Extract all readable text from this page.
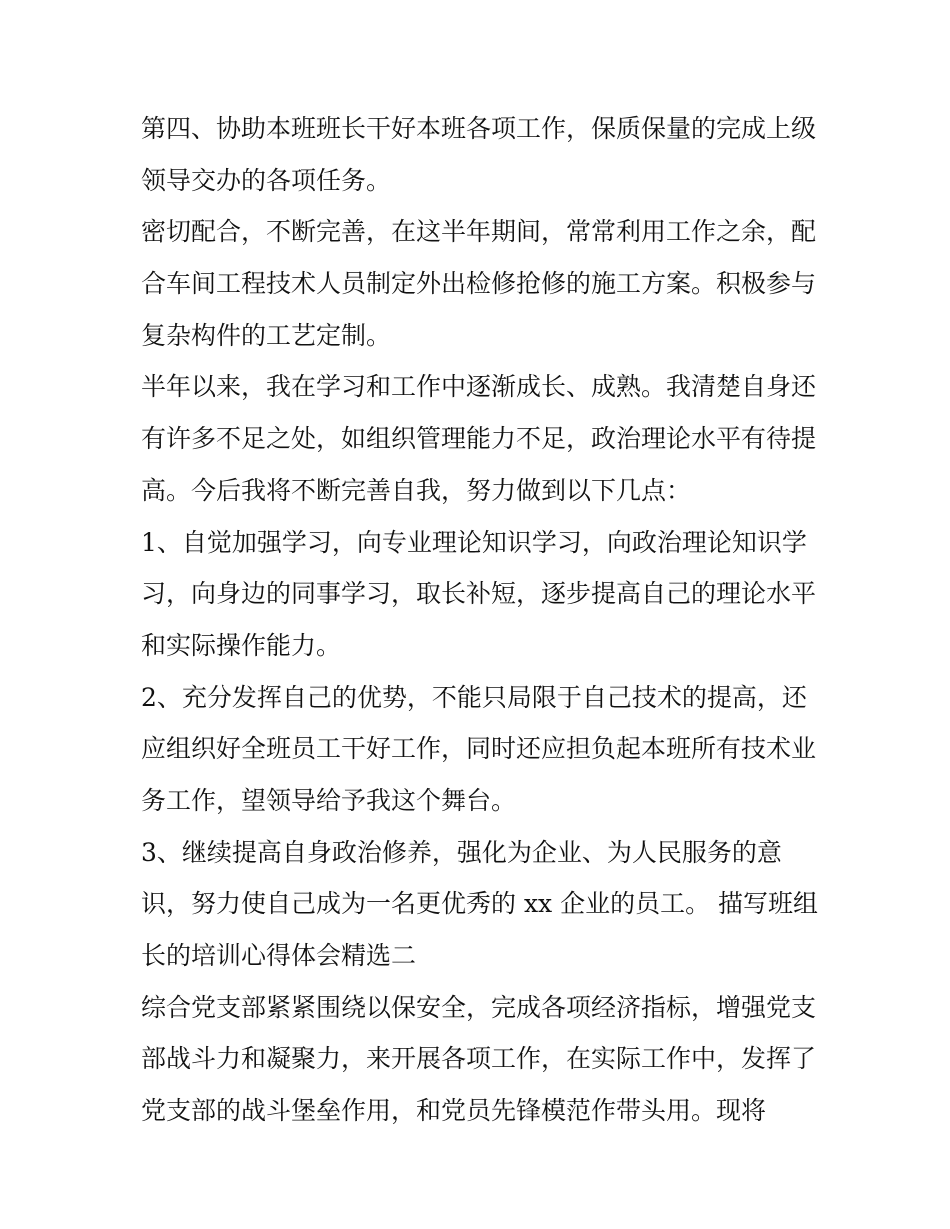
第四、协助本班班长干好本班各项工作，保质保量的完成上级
领导交办的各项任务。
密切配合，不断完善，在这半年期间，常常利用工作之余，配
合车间工程技术人员制定外出检修抢修的施工方案。积极参与
复杂构件的工艺定制。
半年以来，我在学习和工作中逐渐成长、成熟。我清楚自身还
有许多不足之处，如组织管理能力不足，政治理论水平有待提
高。今后我将不断完善自我，努力做到以下几点：
1、自觉加强学习，向专业理论知识学习，向政治理论知识学
习，向身边的同事学习，取长补短，逐步提高自己的理论水平
和实际操作能力。
2、充分发挥自己的优势，不能只局限于自己技术的提高，还
应组织好全班员工干好工作，同时还应担负起本班所有技术业
务工作，望领导给予我这个舞台。
3、继续提高自身政治修养，强化为企业、为人民服务的意
识，努力使自己成为一名更优秀的 xx 企业的员工。 描写班组
长的培训心得体会精选二
综合党支部紧紧围绕以保安全，完成各项经济指标，增强党支
部战斗力和凝聚力，来开展各项工作，在实际工作中，发挥了
党支部的战斗堡垒作用，和党员先锋模范作带头用。现将
